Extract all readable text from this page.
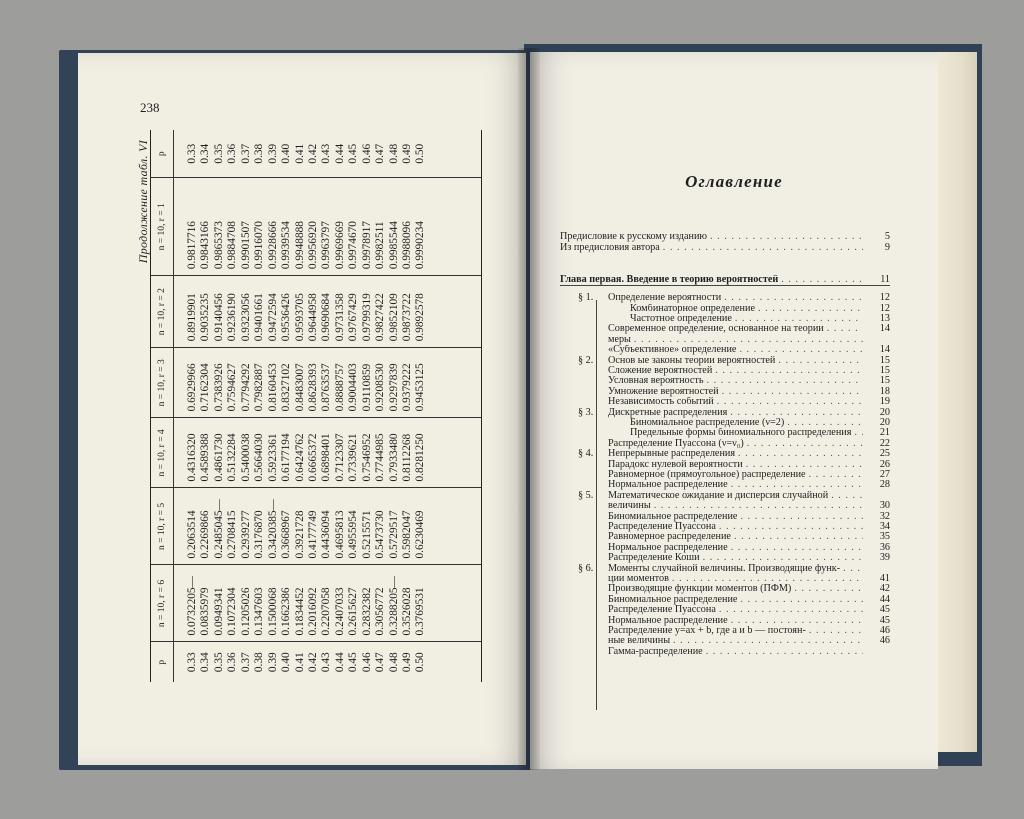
238
Продолжение табл. VI
p	0.33 0.34 0.35 0.36 0.37 0.38 0.39 0.40 0.41 0.42 0.43 0.44 0.45 0.46 0.47 0.48 0.49 0.50
n = 10, r = 6	0.0732205— 0.0835979 0.0949341 0.1072304 0.1205026 0.1347603 0.1500068 0.1662386 0.1834452 0.2016092 0.2207058 0.2407033 0.2615627 0.2832382 0.3056772 0.3288205— 0.3526028 0.3769531
n = 10, r = 5	0.2063514 0.2269866 0.2485045— 0.2708415 0.2939277 0.3176870 0.3420385— 0.3668967 0.3921728 0.4177749 0.4436094 0.4695813 0.4955954 0.5215571 0.5473730 0.5729517 0.5982047 0.6230469
n = 10, r = 4	0.4316320 0.4589388 0.4861730 0.5132284 0.5400038 0.5664030 0.5923361 0.6177194 0.6424762 0.6665372 0.6898401 0.7123307 0.7339621 0.7546952 0.7744985 0.7933480 0.8112268 0.8281250
n = 10, r = 3	0.6929966 0.7162304 0.7383926 0.7594627 0.7794292 0.7982887 0.8160453 0.8327102 0.8483007 0.8628393 0.8763537 0.8888757 0.9004403 0.9110859 0.9208530 0.9297839 0.9379222 0.9453125
n = 10, r = 2	0.8919901 0.9035235 0.9140456 0.9236190 0.9323056 0.9401661 0.9472594 0.9536426 0.9593705 0.9644958 0.9690684 0.9731358 0.9767429 0.9799319 0.9827422 0.9852109 0.9873722 0.9892578
n = 10, r = 1	0.9817716 0.9843166 0.9865373 0.9884708 0.9901507 0.9916070 0.9928666 0.9939534 0.9948888 0.9956920 0.9963797 0.9969669 0.9974670 0.9978917 0.9982511 0.9985544 0.9988096 0.9990234
p	0.33 0.34 0.35 0.36 0.37 0.38 0.39 0.40 0.41 0.42 0.43 0.44 0.45 0.46 0.47 0.48 0.49 0.50
Оглавление
Предисловие к русскому изданию . . .	5
Из предисловия автора . . .	9
Глава первая. Введение в теорию вероятностей . . .	11
§ 1.	Определение вероятности . . .	12
Комбинаторное определение . . .	12
Частотное определение . . .	13
Современное определение, основанное на теории . . .	14
меры
. . .
«Субъективное» определение . . .	14
§ 2.	Основ ые законы теории вероятностей . . .	15
Сложение вероятностей . . .	15
Условная вероятность . . .	15
Умножение вероятностей . . .	18
Независимость событий . . .	19
§ 3.	Дискретные распределения . . .	20
Биномиальное распределение (ν=2) . . .	20
Предельные формы биномиального распределения . . .	21
Распределение Пуассона (ν=ν₀) . . .	22
§ 4.	Непрерывные распределения . . .	25
Парадокс нулевой вероятности . . .	26
Равномерное (прямоугольное) распределение . . .	27
Нормальное распределение . . .	28
§ 5.	Математическое ожидание и дисперсия случайной
. . .
величины . . .	30
Биномиальное распределение . . .	32
Распределение Пуассона . . .	34
Равномерное распределение . . .	35
Нормальное распределение . . .	36
Распределение Коши . . .	39
§ 6.	Моменты случайной величины. Производящие функ-
. . .
ции моментов . . .	41
Производящие функции моментов (ПФМ) . . .	42
Биномиальное распределение . . .	44
Распределение Пуассона . . .	45
Нормальное распределение . . .	45
Распределение y=ax + b, где a и b — постоян- . . .	46
ные величины . . .	46
Гамма-распределение
. . .
